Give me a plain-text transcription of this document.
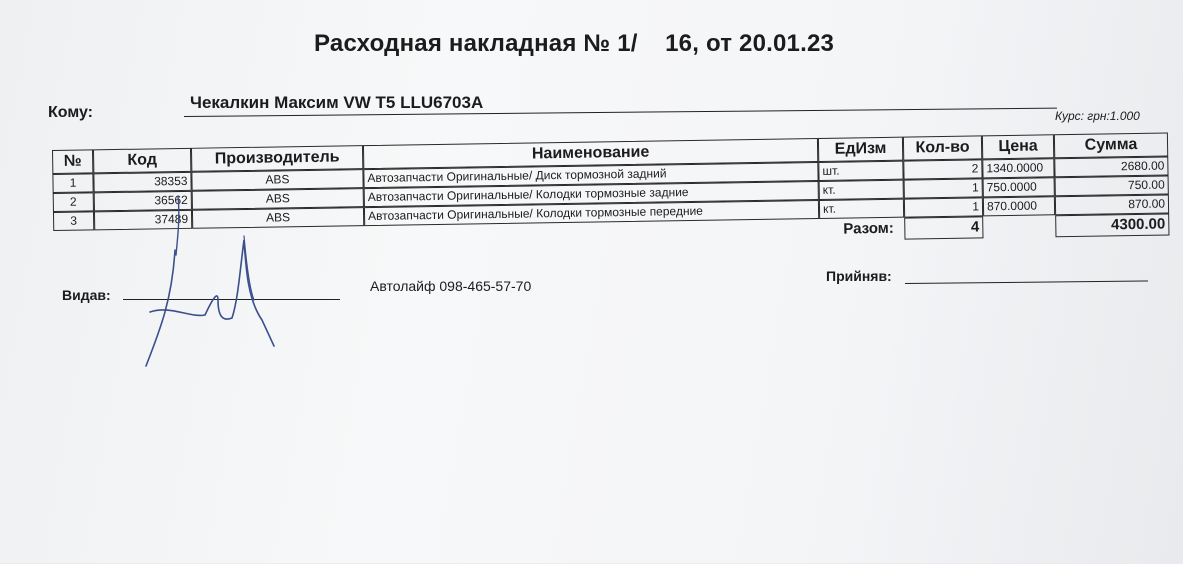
Расходная накладная № 1/    16, от 20.01.23
Кому:
Чекалкин Максим VW T5 LLU6703A
Курс: грн:1.000
№	Код	Производитель	Наименование	ЕдИзм	Кол-во	Цена	Сумма
1	38353	ABS	Автозапчасти Оригинальные/ Диск тормозной задний	шт.	2 1340.0000	2680.00
2	36562	ABS	Автозапчасти Оригинальные/ Колодки тормозные задние	кт.	1 750.0000	750.00
3	37489	ABS	Автозапчасти Оригинальные/ Колодки тормозные передние	кт.	1 870.0000	870.00
Разом:	4	4300.00
Видав:
Автолайф 098-465-57-70
Прийняв:
